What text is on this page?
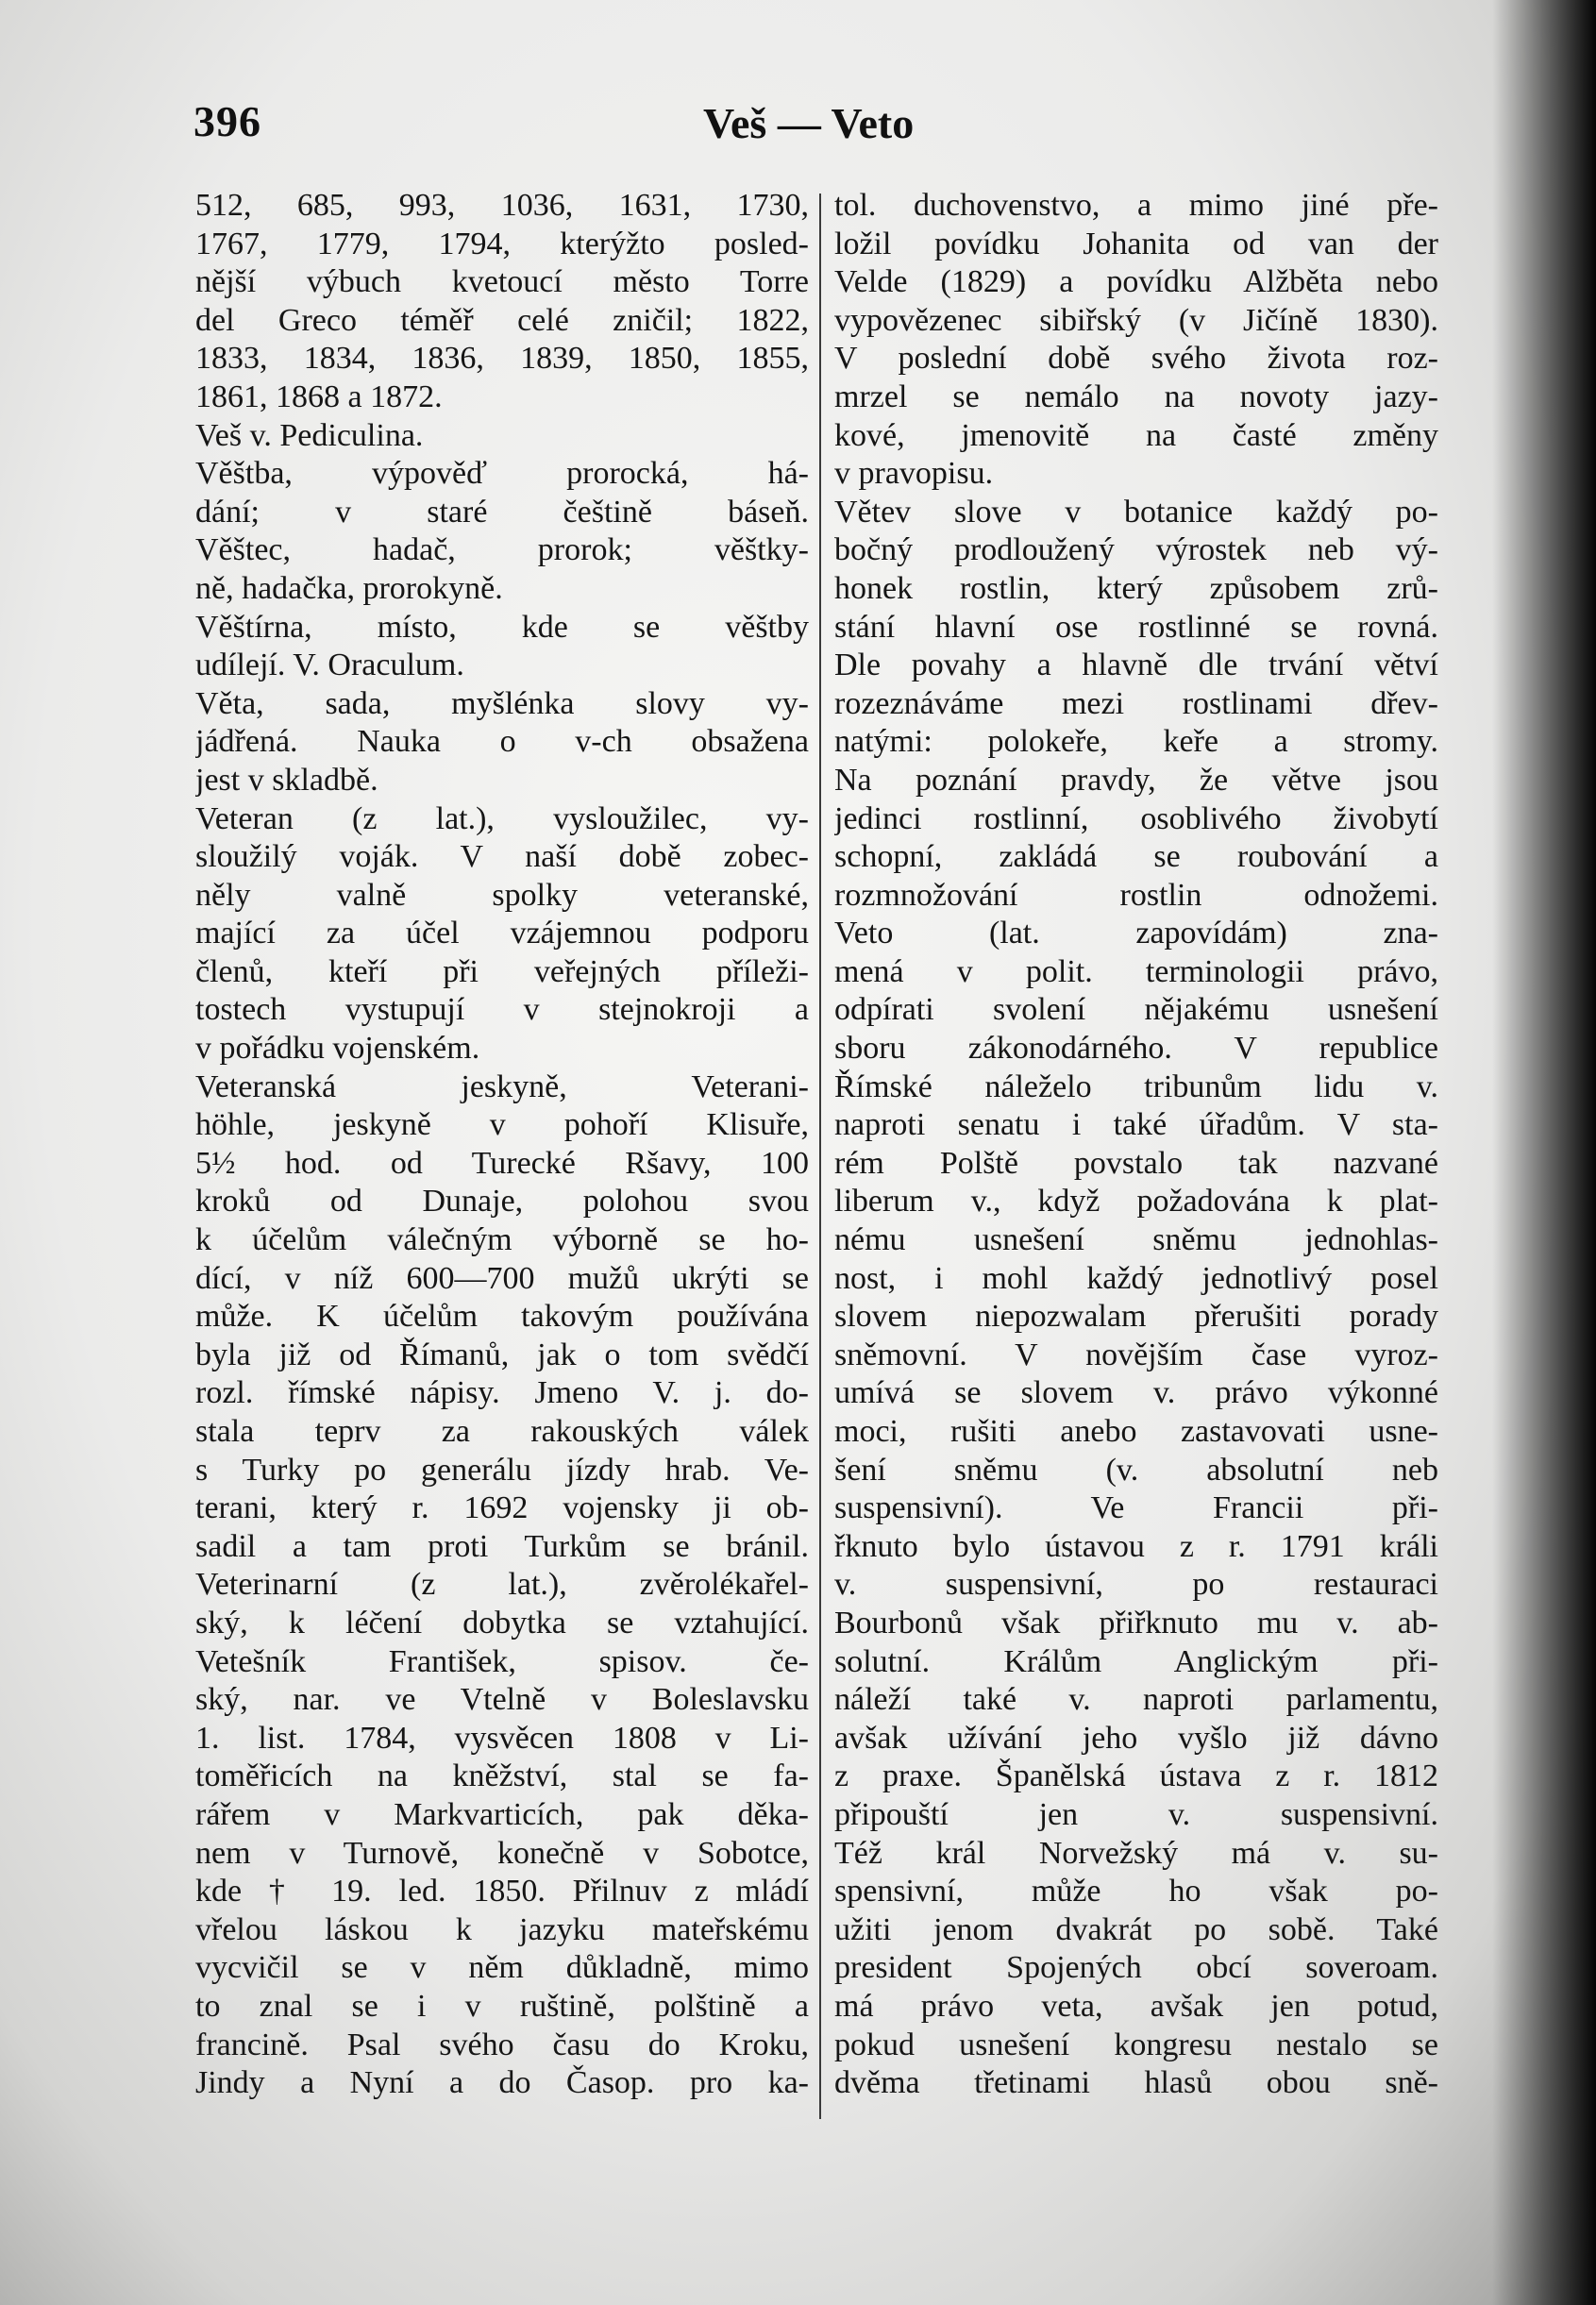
396	Veš — Veto
512, 685, 993, 1036, 1631, 1730,
1767, 1779, 1794, kterýžto posled-
nější výbuch kvetoucí město Torre
del Greco téměř celé zničil; 1822,
1833, 1834, 1836, 1839, 1850, 1855,
1861, 1868 a 1872.
Veš v. Pediculina.
Věštba, výpověď prorocká, há-
dání; v staré češtině báseň.
Věštec, hadač, prorok; věštky-
ně, hadačka, prorokyně.
Věštírna, místo, kde se věštby
udílejí. V. Oraculum.
Věta, sada, myšlénka slovy vy-
jádřená. Nauka o v-ch obsažena
jest v skladbě.
Veteran (z lat.), vysloužilec, vy-
sloužilý voják. V naší době zobec-
něly valně spolky veteranské,
mající za účel vzájemnou podporu
členů, kteří při veřejných příleži-
tostech vystupují v stejnokroji a
v pořádku vojenském.
Veteranská jeskyně, Veterani-
höhle, jeskyně v pohoří Klisuře,
5½ hod. od Turecké Ršavy, 100
kroků od Dunaje, polohou svou
k účelům válečným výborně se ho-
dící, v níž 600—700 mužů ukrýti se
může. K účelům takovým používána
byla již od Římanů, jak o tom svědčí
rozl. římské nápisy. Jmeno V. j. do-
stala teprv za rakouských válek
s Turky po generálu jízdy hrab. Ve-
terani, který r. 1692 vojensky ji ob-
sadil a tam proti Turkům se bránil.
Veterinarní (z lat.), zvěrolékařel-
ský, k léčení dobytka se vztahující.
Vetešník František, spisov. če-
ský, nar. ve Vtelně v Boleslavsku
1. list. 1784, vysvěcen 1808 v Li-
toměřicích na kněžství, stal se fa-
rářem v Markvarticích, pak děka-
nem v Turnově, konečně v Sobotce,
kde † 19. led. 1850. Přilnuv z mládí
vřelou láskou k jazyku mateřskému
vycvičil se v něm důkladně, mimo
to znal se i v ruštině, polštině a
francině. Psal svého času do Kroku,
Jindy a Nyní a do Časop. pro ka-
tol. duchovenstvo, a mimo jiné pře-
ložil povídku Johanita od van der
Velde (1829) a povídku Alžběta nebo
vypovězenec sibiřský (v Jičíně 1830).
V poslední době svého života roz-
mrzel se nemálo na novoty jazy-
kové, jmenovitě na časté změny
v pravopisu.
Větev slove v botanice každý po-
bočný prodloužený výrostek neb vý-
honek rostlin, který způsobem zrů-
stání hlavní ose rostlinné se rovná.
Dle povahy a hlavně dle trvání větví
rozeznáváme mezi rostlinami dřev-
natými: polokeře, keře a stromy.
Na poznání pravdy, že větve jsou
jedinci rostlinní, osoblivého živobytí
schopní, zakládá se roubování a
rozmnožování rostlin odnožemi.
Veto (lat. zapovídám) zna-
mená v polit. terminologii právo,
odpírati svolení nějakému usnešení
sboru zákonodárného. V republice
Římské náleželo tribunům lidu v.
naproti senatu i také úřadům. V sta-
rém Polště povstalo tak nazvané
liberum v., když požadována k plat-
nému usnešení sněmu jednohlas-
nost, i mohl každý jednotlivý posel
slovem niepozwalam přerušiti porady
sněmovní. V novějším čase vyroz-
umívá se slovem v. právo výkonné
moci, rušiti anebo zastavovati usne-
šení sněmu (v. absolutní neb
suspensivní). Ve Francii při-
řknuto bylo ústavou z r. 1791 králi
v. suspensivní, po restauraci
Bourbonů však přiřknuto mu v. ab-
solutní. Králům Anglickým při-
náleží také v. naproti parlamentu,
avšak užívání jeho vyšlo již dávno
z praxe. Španělská ústava z r. 1812
připouští jen v. suspensivní.
Též král Norvežský má v. su-
spensivní, může ho však po-
užiti jenom dvakrát po sobě. Také
president Spojených obcí soveroam.
má právo veta, avšak jen potud,
pokud usnešení kongresu nestalo se
dvěma třetinami hlasů obou sně-
